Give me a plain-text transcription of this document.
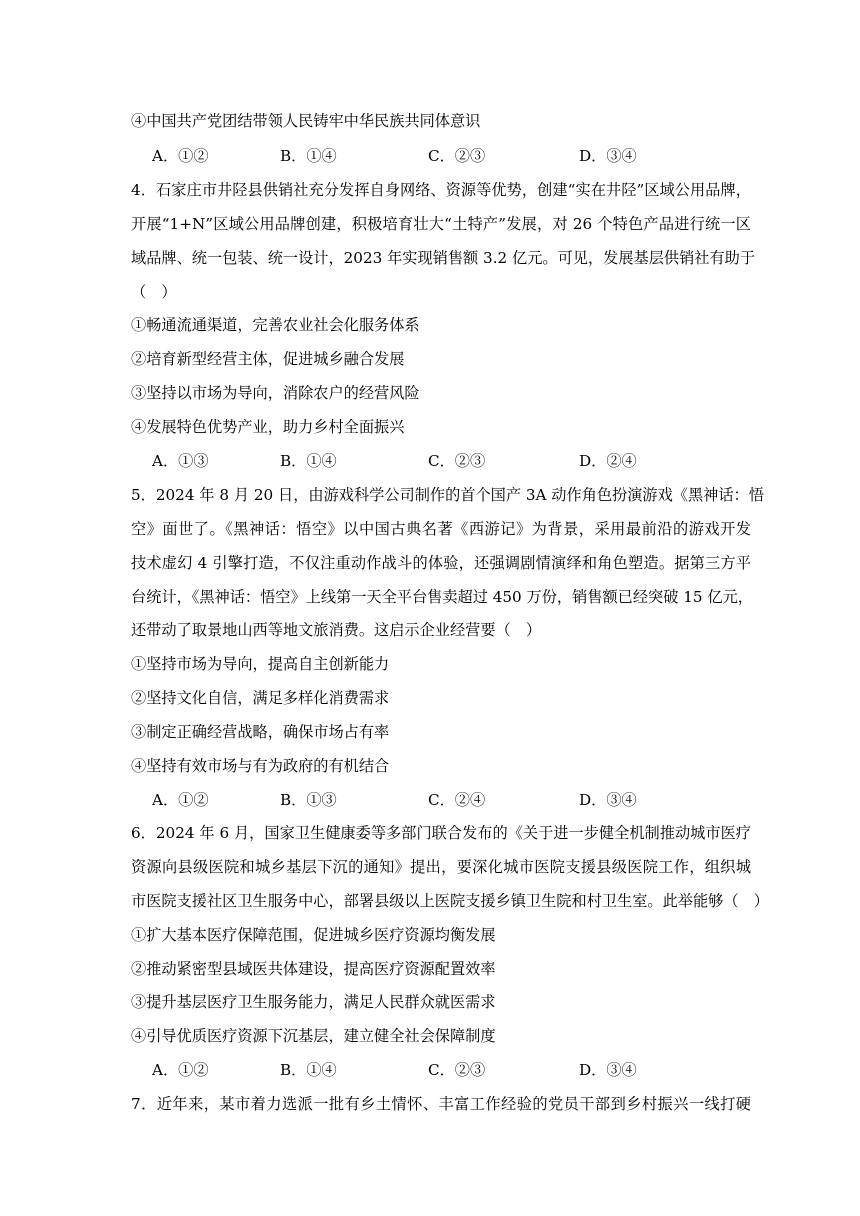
④中国共产党团结带领人民铸牢中华民族共同体意识
A．①②	B．①④	C．②③	D．③④
4．石家庄市井陉县供销社充分发挥自身网络、资源等优势，创建“实在井陉”区域公用品牌，
开展“1+N”区域公用品牌创建，积极培育壮大“土特产”发展，对 26 个特色产品进行统一区
域品牌、统一包装、统一设计，2023 年实现销售额 3.2 亿元。可见，发展基层供销社有助于
（　）
①畅通流通渠道，完善农业社会化服务体系
②培育新型经营主体，促进城乡融合发展
③坚持以市场为导向，消除农户的经营风险
④发展特色优势产业，助力乡村全面振兴
A．①③	B．①④	C．②③	D．②④
5．2024 年 8 月 20 日，由游戏科学公司制作的首个国产 3A 动作角色扮演游戏《黑神话：悟
空》面世了。《黑神话：悟空》以中国古典名著《西游记》为背景，采用最前沿的游戏开发
技术虚幻 4 引擎打造，不仅注重动作战斗的体验，还强调剧情演绎和角色塑造。据第三方平
台统计，《黑神话：悟空》上线第一天全平台售卖超过 450 万份，销售额已经突破 15 亿元，
还带动了取景地山西等地文旅消费。这启示企业经营要（　）
①坚持市场为导向，提高自主创新能力
②坚持文化自信，满足多样化消费需求
③制定正确经营战略，确保市场占有率
④坚持有效市场与有为政府的有机结合
A．①②	B．①③	C．②④	D．③④
6．2024 年 6 月，国家卫生健康委等多部门联合发布的《关于进一步健全机制推动城市医疗
资源向县级医院和城乡基层下沉的通知》提出，要深化城市医院支援县级医院工作，组织城
市医院支援社区卫生服务中心，部署县级以上医院支援乡镇卫生院和村卫生室。此举能够（　）
①扩大基本医疗保障范围，促进城乡医疗资源均衡发展
②推动紧密型县域医共体建设，提高医疗资源配置效率
③提升基层医疗卫生服务能力，满足人民群众就医需求
④引导优质医疗资源下沉基层，建立健全社会保障制度
A．①②	B．①④	C．②③	D．③④
7．近年来，某市着力选派一批有乡土情怀、丰富工作经验的党员干部到乡村振兴一线打硬
